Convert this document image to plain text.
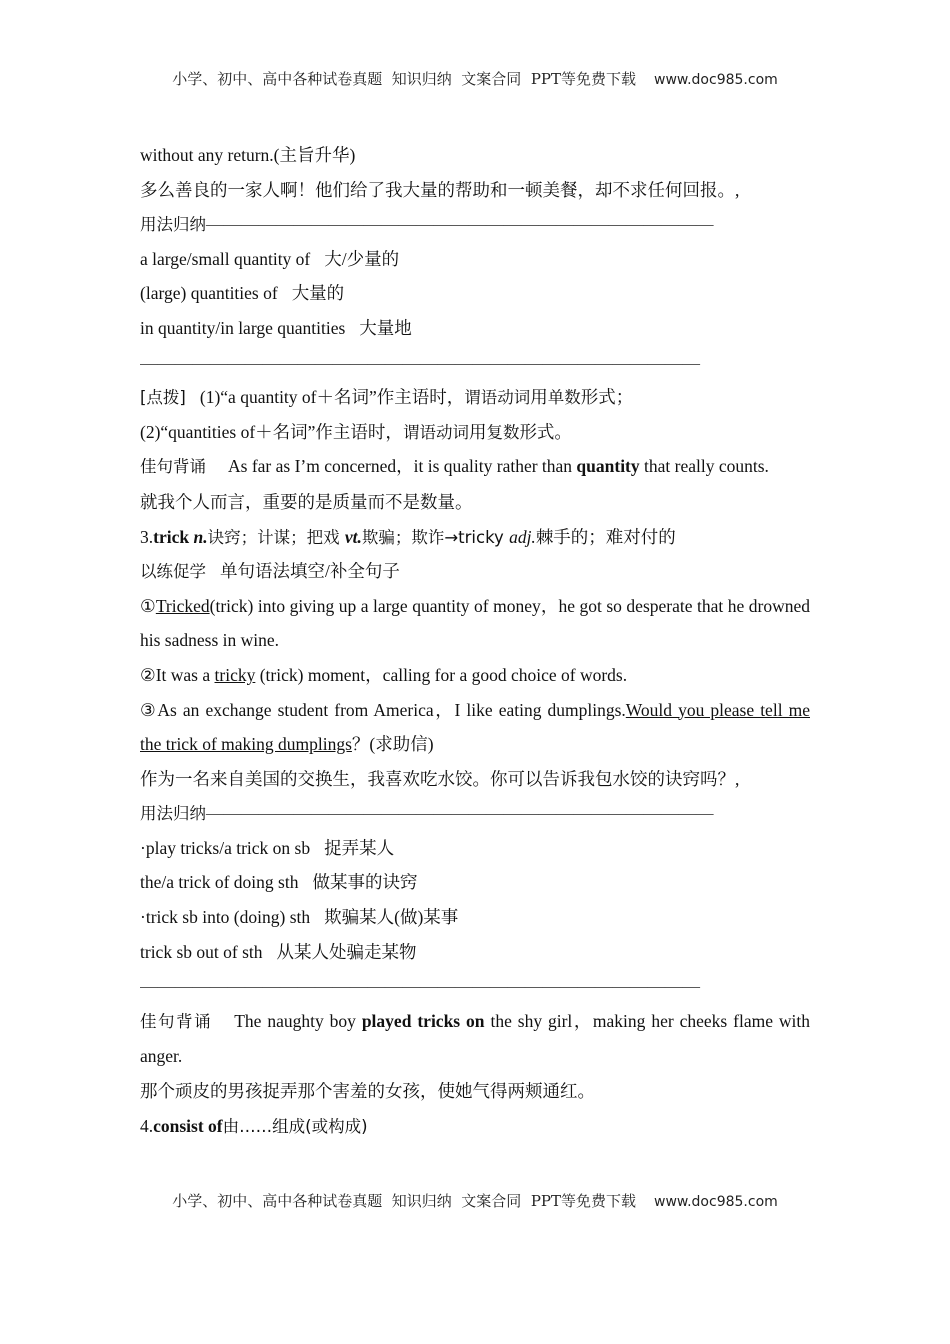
小学、初中、高中各种试卷真题  知识归纳  文案合同  PPT等免费下载 www.doc985.com
without any return.(主旨升华)
多么善良的一家人啊！他们给了我大量的帮助和一顿美餐，却不求任何回报。,
用法归纳—————————————————————————————
a large/small quantity of 大/少量的
(large) quantities of 大量的
in quantity/in large quantities 大量地
————————————————————————————————
[点拨] (1)“a quantity of＋名词”作主语时，谓语动词用单数形式；
(2)“quantities of＋名词”作主语时，谓语动词用复数形式。
佳句背诵 As far as I’m concerned，it is quality rather than quantity that really counts.
就我个人而言，重要的是质量而不是数量。
3.trick n.诀窍；计谋；把戏 vt.欺骗；欺诈→tricky adj.棘手的；难对付的
以练促学 单句语法填空/补全句子
①Tricked(trick) into giving up a large quantity of money，he got so desperate that he drowned his sadness in wine.
②It was a tricky (trick) moment，calling for a good choice of words.
③As an exchange student from America，I like eating dumplings.Would you please tell me the trick of making dumplings？(求助信)
作为一名来自美国的交换生，我喜欢吃水饺。你可以告诉我包水饺的诀窍吗？,
用法归纳—————————————————————————————
·play tricks/a trick on sb 捉弄某人
the/a trick of doing sth 做某事的诀窍
·trick sb into (doing) sth 欺骗某人(做)某事
trick sb out of sth 从某人处骗走某物
————————————————————————————————
佳句背诵 The naughty boy played tricks on the shy girl，making her cheeks flame with anger.
那个顽皮的男孩捉弄那个害羞的女孩，使她气得两颊通红。
4.consist of由……组成(或构成)
小学、初中、高中各种试卷真题  知识归纳  文案合同  PPT等免费下载 www.doc985.com
